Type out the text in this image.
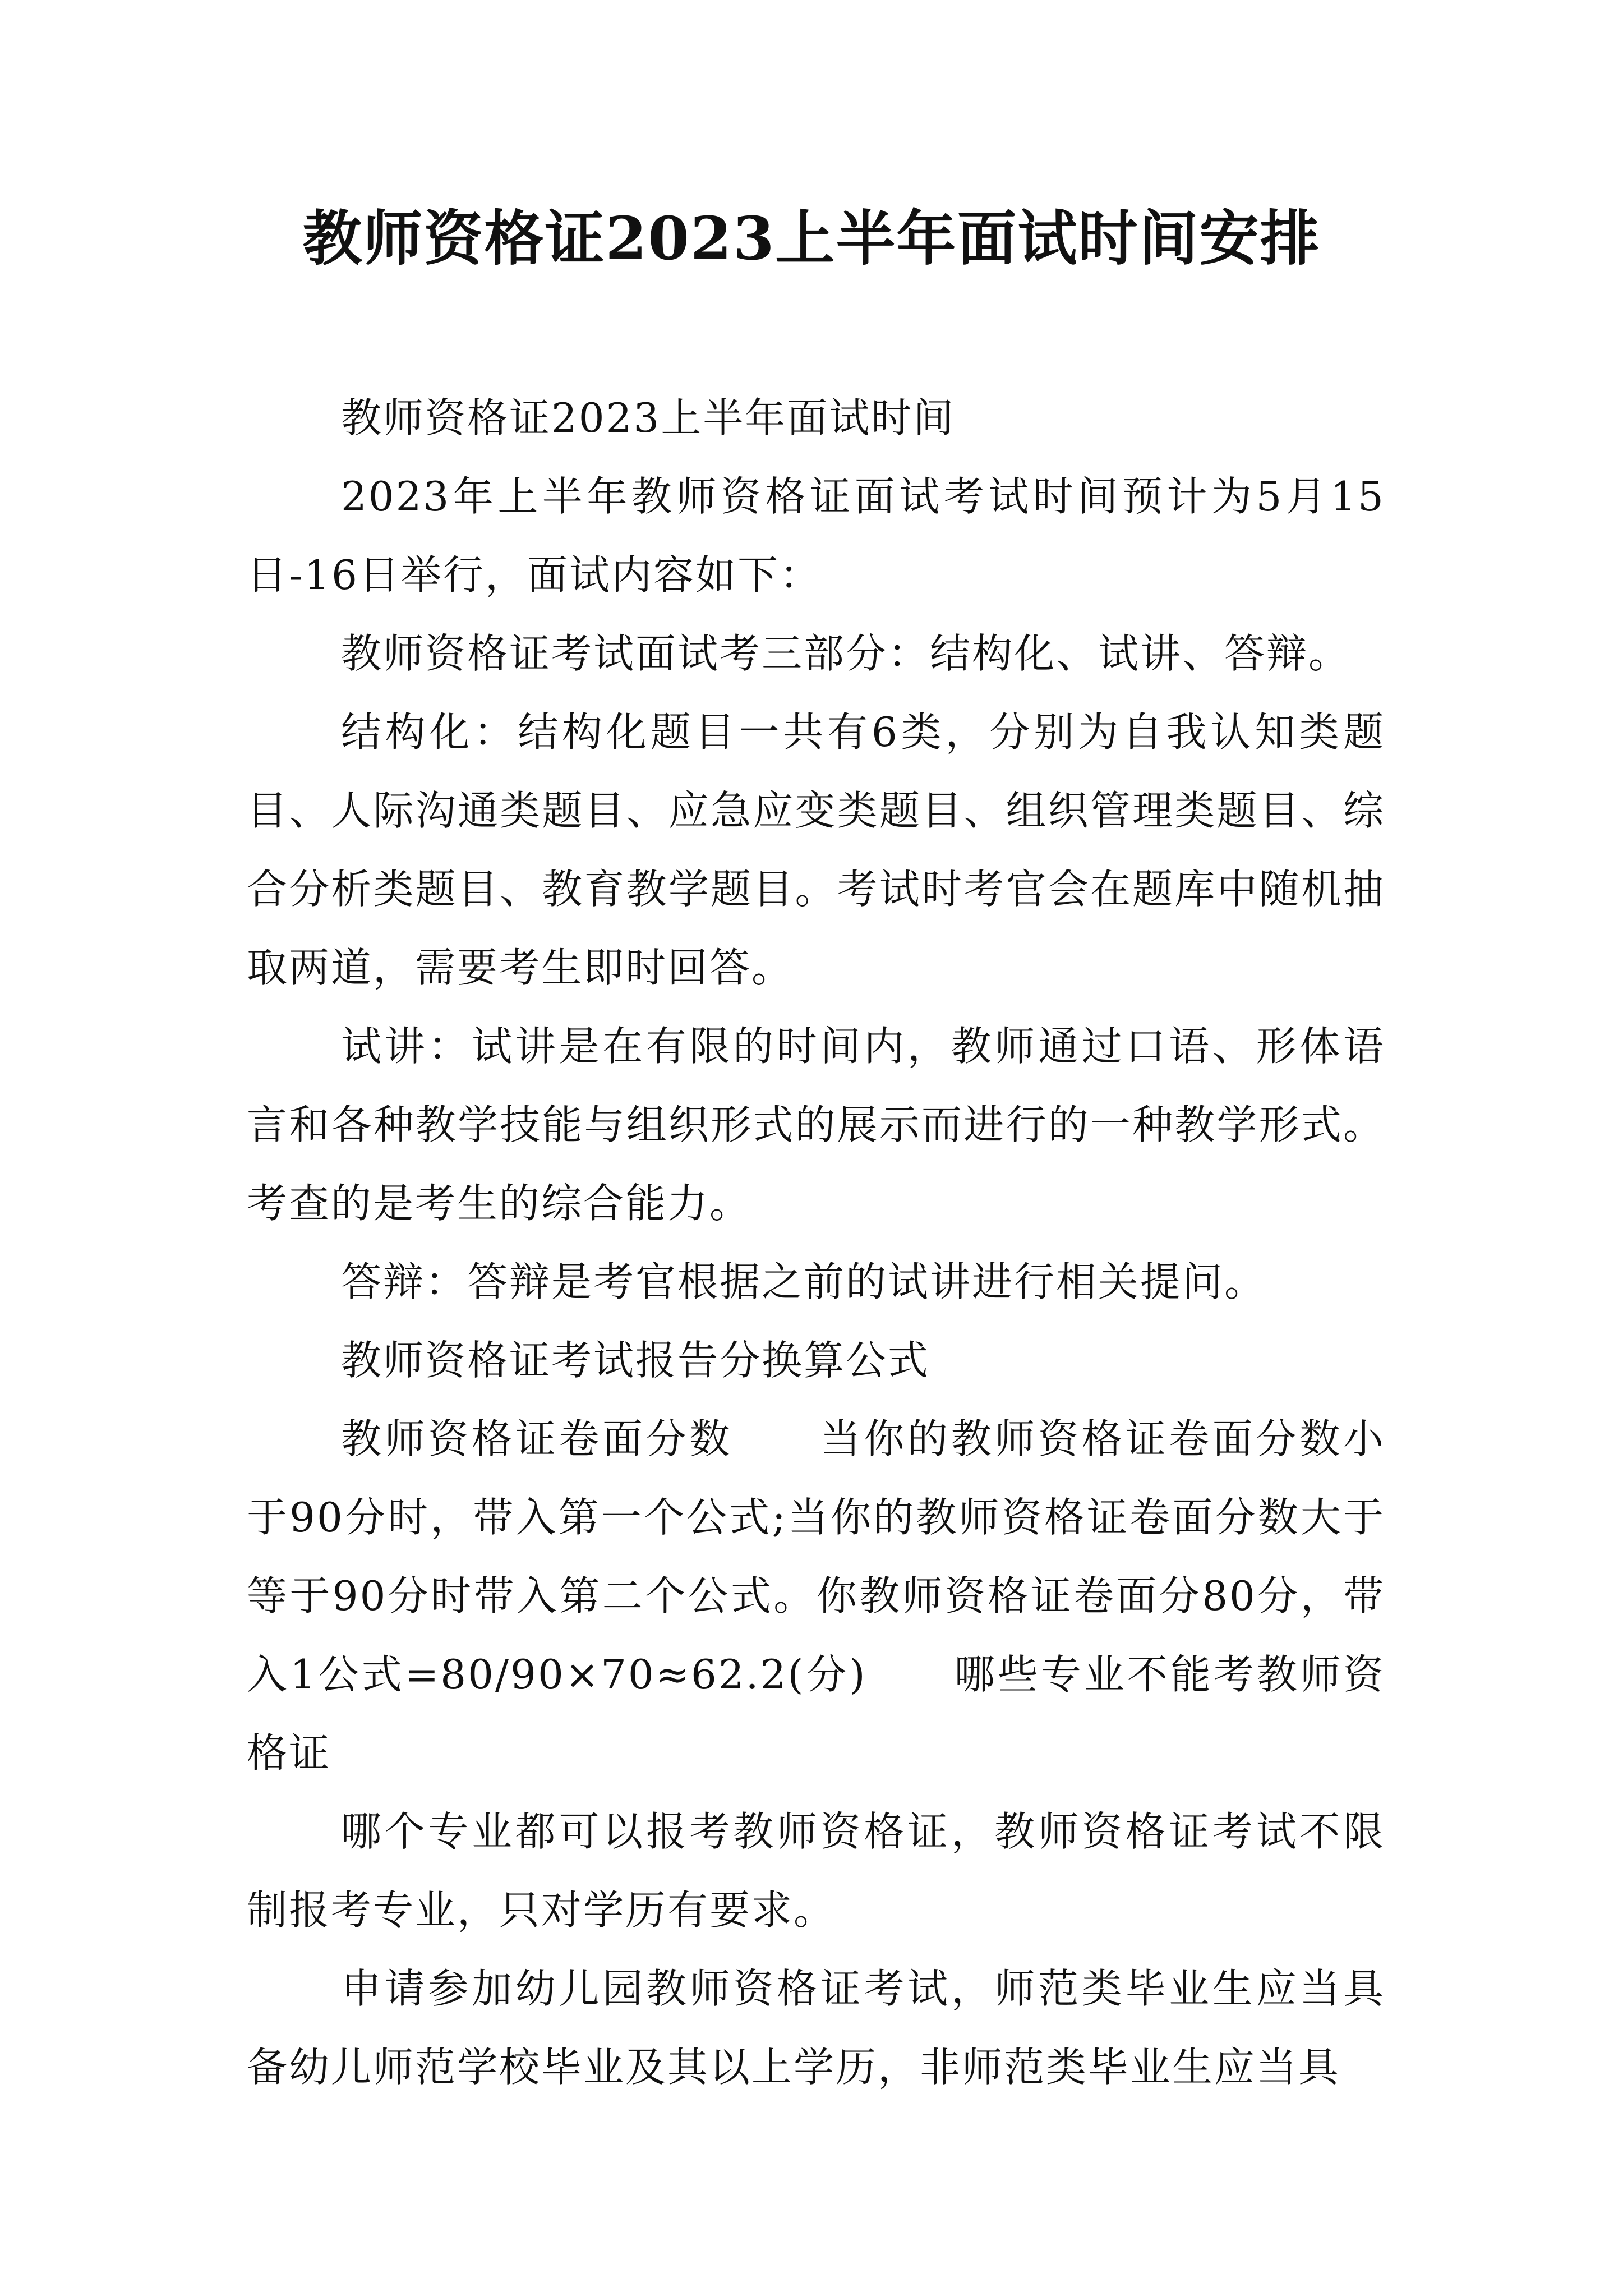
教师资格证2023上半年面试时间安排

教师资格证2023上半年面试时间

2023年上半年教师资格证面试考试时间预计为5月15日-16日举行，面试内容如下：

教师资格证考试面试考三部分：结构化、试讲、答辩。

结构化：结构化题目一共有6类，分别为自我认知类题目、人际沟通类题目、应急应变类题目、组织管理类题目、综合分析类题目、教育教学题目。考试时考官会在题库中随机抽取两道，需要考生即时回答。

试讲：试讲是在有限的时间内，教师通过口语、形体语言和各种教学技能与组织形式的展示而进行的一种教学形式。考查的是考生的综合能力。

答辩：答辩是考官根据之前的试讲进行相关提问。

教师资格证考试报告分换算公式

教师资格证卷面分数　　当你的教师资格证卷面分数小于90分时，带入第一个公式;当你的教师资格证卷面分数大于等于90分时带入第二个公式。你教师资格证卷面分80分，带入1公式=80/90×70≈62.2(分)　　哪些专业不能考教师资格证

哪个专业都可以报考教师资格证，教师资格证考试不限制报考专业，只对学历有要求。

申请参加幼儿园教师资格证考试，师范类毕业生应当具备幼儿师范学校毕业及其以上学历，非师范类毕业生应当具
